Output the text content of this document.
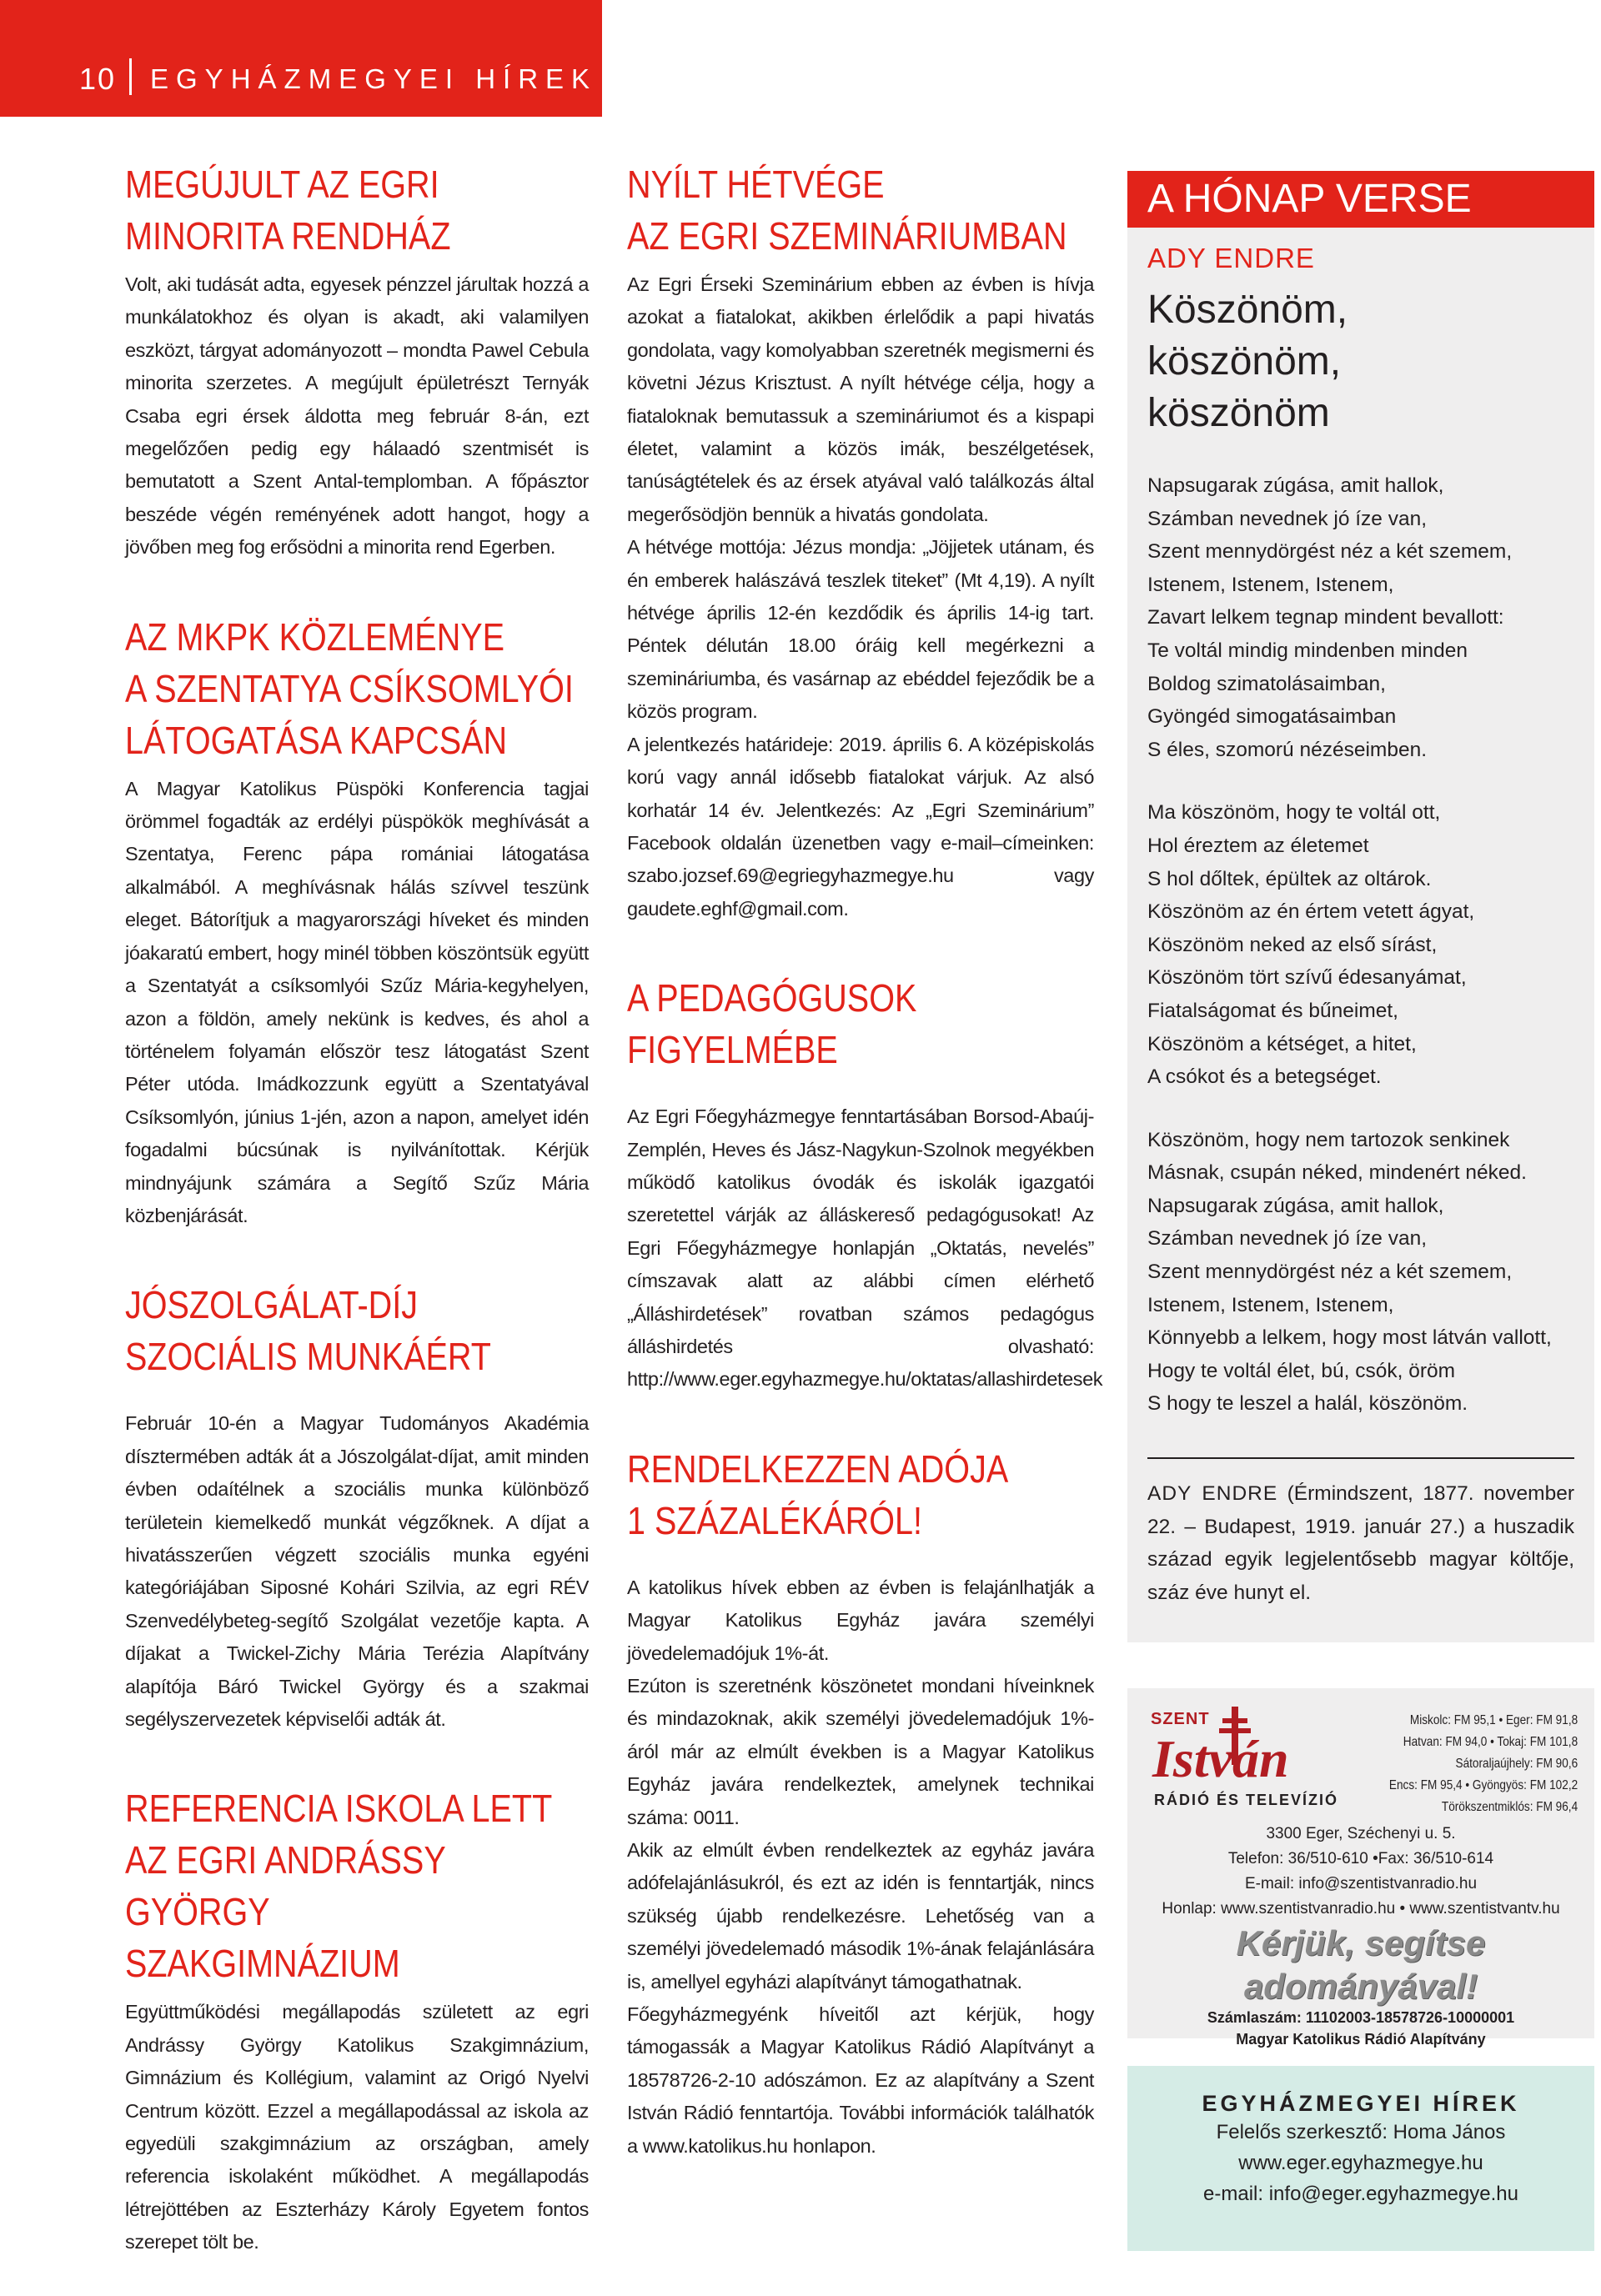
10 EGYHÁZMEGYEI HÍREK
MEGÚJULT AZ EGRI
MINORITA RENDHÁZ

Volt, aki tudását adta, egyesek pénzzel járultak hozzá a munkálatokhoz és olyan is akadt, aki valamilyen eszközt, tárgyat adományozott – mondta Pawel Cebula minorita szerzetes. A megújult épületrészt Ternyák Csaba egri érsek áldotta meg február 8-án, ezt megelőzően pedig egy hálaadó szentmisét is bemutatott a Szent Antal-templomban. A főpásztor beszéde végén reményének adott hangot, hogy a jövőben meg fog erősödni a minorita rend Egerben.

AZ MKPK KÖZLEMÉNYE
A SZENTATYA CSÍKSOMLYÓI
LÁTOGATÁSA KAPCSÁN

A Magyar Katolikus Püspöki Konferencia tagjai örömmel fogadták az erdélyi püspökök meghívását a Szentatya, Ferenc pápa romániai látogatása alkalmából. A meghívásnak hálás szívvel teszünk eleget. Bátorítjuk a magyarországi híveket és minden jóakaratú embert, hogy minél többen köszöntsük együtt a Szentatyát a csíksomlyói Szűz Mária-kegyhelyen, azon a földön, amely nekünk is kedves, és ahol a történelem folyamán először tesz látogatást Szent Péter utóda. Imádkozzunk együtt a Szentatyával Csíksomlyón, június 1-jén, azon a napon, amelyet idén fogadalmi búcsúnak is nyilvánítottak. Kérjük mindnyájunk számára a Segítő Szűz Mária közbenjárását.

JÓSZOLGÁLAT-DÍJ
SZOCIÁLIS MUNKÁÉRT

Február 10-én a Magyar Tudományos Akadémia dísztermében adták át a Jószolgálat-díjat, amit minden évben odaítélnek a szociális munka különböző területein kiemelkedő munkát végzőknek. A díjat a hivatásszerűen végzett szociális munka egyéni kategóriájában Siposné Kohári Szilvia, az egri RÉV Szenvedélybeteg-segítő Szolgálat vezetője kapta. A díjakat a Twickel-Zichy Mária Terézia Alapítvány alapítója Báró Twickel György és a szakmai segélyszervezetek képviselői adták át.

REFERENCIA ISKOLA LETT
AZ EGRI ANDRÁSSY GYÖRGY
SZAKGIMNÁZIUM

Együttműködési megállapodás született az egri Andrássy György Katolikus Szakgimnázium, Gimnázium és Kollégium, valamint az Origó Nyelvi Centrum között. Ezzel a megállapodással az iskola az egyedüli szakgimnázium az országban, amely referencia iskolaként működhet. A megállapodás létrejöttében az Eszterházy Károly Egyetem fontos szerepet tölt be.

NYÍLT HÉTVÉGE
AZ EGRI SZEMINÁRIUMBAN

Az Egri Érseki Szeminárium ebben az évben is hívja azokat a fiatalokat, akikben érlelődik a papi hivatás gondolata, vagy komolyabban szeretnék megismerni és követni Jézus Krisztust. A nyílt hétvége célja, hogy a fiataloknak bemutassuk a szemináriumot és a kispapi életet, valamint a közös imák, beszélgetések, tanúságtételek és az érsek atyával való találkozás által megerősödjön bennük a hivatás gondolata.

A hétvége mottója: Jézus mondja: „Jöjjetek utánam, és én emberek halászává teszlek titeket” (Mt 4,19). A nyílt hétvége április 12-én kezdődik és április 14-ig tart. Péntek délután 18.00 óráig kell megérkezni a szemináriumba, és vasárnap az ebéddel fejeződik be a közös program.

A jelentkezés határideje: 2019. április 6. A középiskolás korú vagy annál idősebb fiatalokat várjuk. Az alsó korhatár 14 év. Jelentkezés: Az „Egri Szeminárium” Facebook oldalán üzenetben vagy e-mail–címeinken: szabo.jozsef.69@egriegyhazmegye.hu vagy gaudete.eghf@gmail.com.

A PEDAGÓGUSOK
FIGYELMÉBE

Az Egri Főegyházmegye fenntartásában Borsod-Abaúj-Zemplén, Heves és Jász-Nagykun-Szolnok megyékben működő katolikus óvodák és iskolák igazgatói szeretettel várják az álláskereső pedagógusokat! Az Egri Főegyházmegye honlapján „Oktatás, nevelés” címszavak alatt az alábbi címen elérhető „Álláshirdetések” rovatban számos pedagógus álláshirdetés olvasható: http://www.eger.egyhazmegye.hu/oktatas/allashirdetesek

RENDELKEZZEN ADÓJA
1 SZÁZALÉKÁRÓL!

A katolikus hívek ebben az évben is felajánlhatják a Magyar Katolikus Egyház javára személyi jövedelemadójuk 1%-át.

Ezúton is szeretnénk köszönetet mondani híveinknek és mindazoknak, akik személyi jövedelemadójuk 1%-áról már az elmúlt években is a Magyar Katolikus Egyház javára rendelkeztek, amelynek technikai száma: 0011.

Akik az elmúlt évben rendelkeztek az egyház javára adófelajánlásukról, és ezt az idén is fenntartják, nincs szükség újabb rendelkezésre. Lehetőség van a személyi jövedelemadó második 1%-ának felajánlására is, amellyel egyházi alapítványt támogathatnak.

Főegyházmegyénk híveitől azt kérjük, hogy támogassák a Magyar Katolikus Rádió Alapítványt a 18578726-2-10 adószámon. Ez az alapítvány a Szent István Rádió fenntartója. További információk találhatók a www.katolikus.hu honlapon.

A HÓNAP VERSE
ADY ENDRE
Köszönöm,
köszönöm,
köszönöm
Napsugarak zúgása, amit hallok,
Számban nevednek jó íze van,
Szent mennydörgést néz a két szemem,
Istenem, Istenem, Istenem,
Zavart lelkem tegnap mindent bevallott:
Te voltál mindig mindenben minden
Boldog szimatolásaimban,
Gyöngéd simogatásaimban
S éles, szomorú nézéseimben.
Ma köszönöm, hogy te voltál ott,
Hol éreztem az életemet
S hol dőltek, épültek az oltárok.
Köszönöm az én értem vetett ágyat,
Köszönöm neked az első sírást,
Köszönöm tört szívű édesanyámat,
Fiatalságomat és bűneimet,
Köszönöm a kétséget, a hitet,
A csókot és a betegséget.
Köszönöm, hogy nem tartozok senkinek
Másnak, csupán néked, mindenért néked.
Napsugarak zúgása, amit hallok,
Számban nevednek jó íze van,
Szent mennydörgést néz a két szemem,
Istenem, Istenem, Istenem,
Könnyebb a lelkem, hogy most látván vallott,
Hogy te voltál élet, bú, csók, öröm
S hogy te leszel a halál, köszönöm.
ADY ENDRE (Érmindszent, 1877. november 22. – Budapest, 1919. január 27.) a huszadik század egyik legjelentősebb magyar költője, száz éve hunyt el.
SZENT
István
RÁDIÓ ÉS TELEVÍZIÓ
Miskolc: FM 95,1 • Eger: FM 91,8
Hatvan: FM 94,0 • Tokaj: FM 101,8
Sátoraljaújhely: FM 90,6
Encs: FM 95,4 • Gyöngyös: FM 102,2
Törökszentmiklós: FM 96,4
3300 Eger, Széchenyi u. 5.
Telefon: 36/510-610 •Fax: 36/510-614
E-mail: info@szentistvanradio.hu
Honlap: www.szentistvanradio.hu • www.szentistvantv.hu
Kérjük, segítse
adományával!
Számlaszám: 11102003-18578726-10000001
Magyar Katolikus Rádió Alapítvány
EGYHÁZMEGYEI HÍREK
Felelős szerkesztő: Homa János
www.eger.egyhazmegye.hu
e-mail: info@eger.egyhazmegye.hu
